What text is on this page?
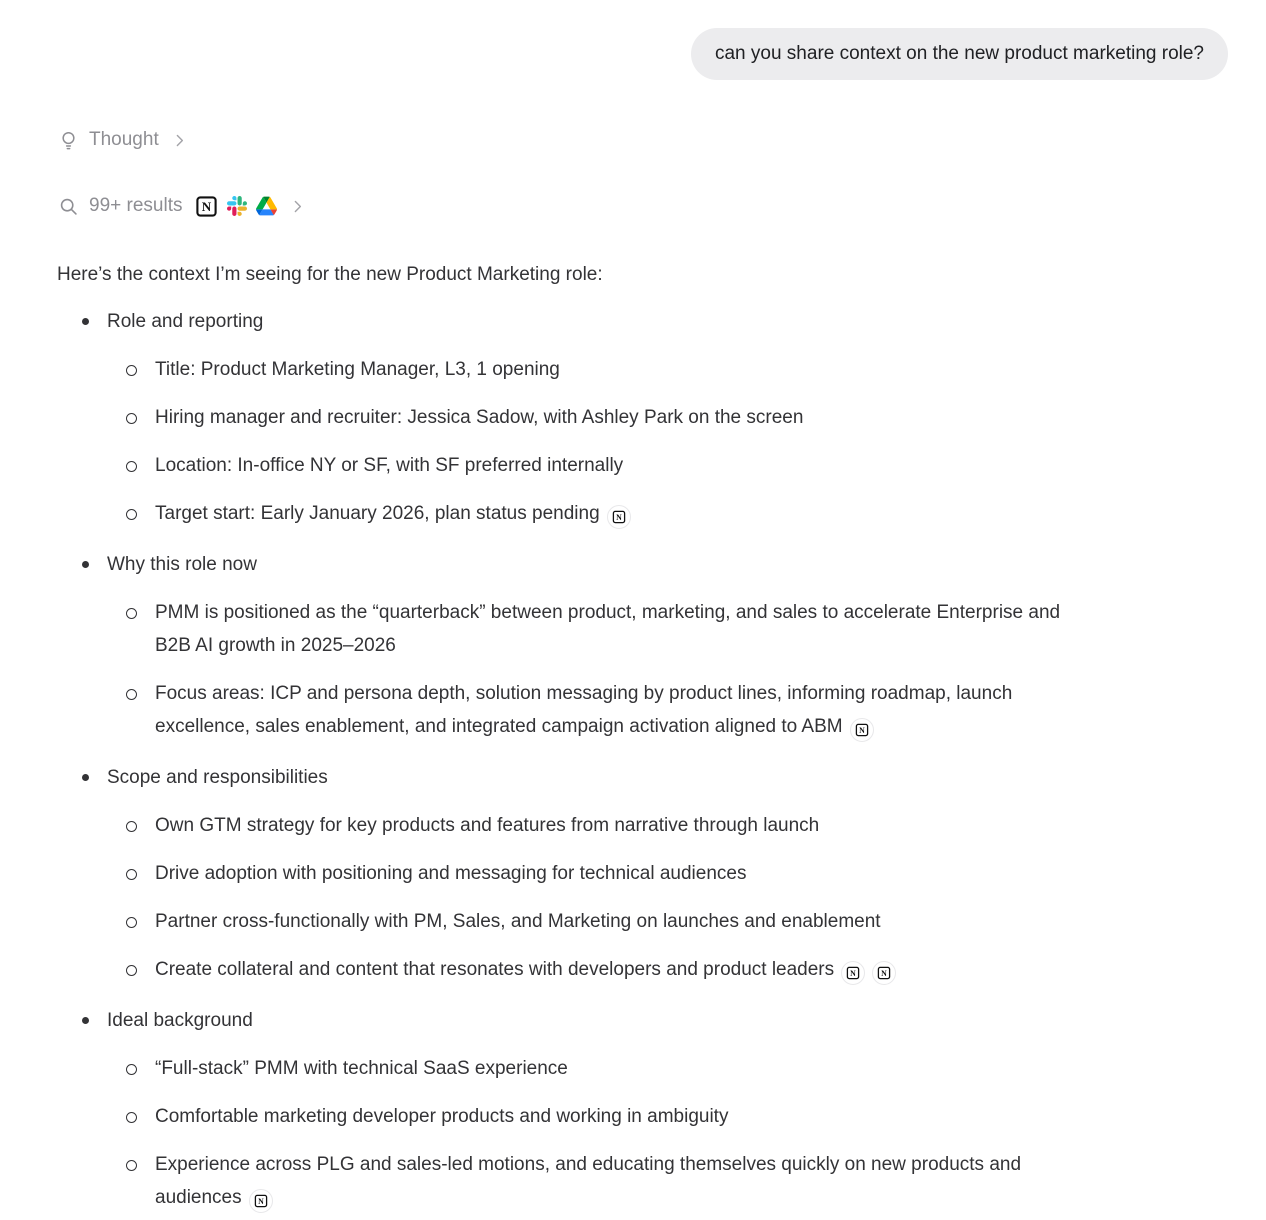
can you share context on the new product marketing role?
Thought
99+ results N

Here’s the context I’m seeing for the new Product Marketing role:

Role and reporting
Title: Product Marketing Manager, L3, 1 opening
Hiring manager and recruiter: Jessica Sadow, with Ashley Park on the screen
Location: In-office NY or SF, with SF preferred internally
Target start: Early January 2026, plan status pending N
Why this role now
PMM is positioned as the “quarterback” between product, marketing, and sales to accelerate Enterprise and B2B AI growth in 2025–2026
Focus areas: ICP and persona depth, solution messaging by product lines, informing roadmap, launch excellence, sales enablement, and integrated campaign activation aligned to ABM N
Scope and responsibilities
Own GTM strategy for key products and features from narrative through launch
Drive adoption with positioning and messaging for technical audiences
Partner cross-functionally with PM, Sales, and Marketing on launches and enablement
Create collateral and content that resonates with developers and product leaders N N
Ideal background
“Full-stack” PMM with technical SaaS experience
Comfortable marketing developer products and working in ambiguity
Experience across PLG and sales-led motions, and educating themselves quickly on new products and audiences N
